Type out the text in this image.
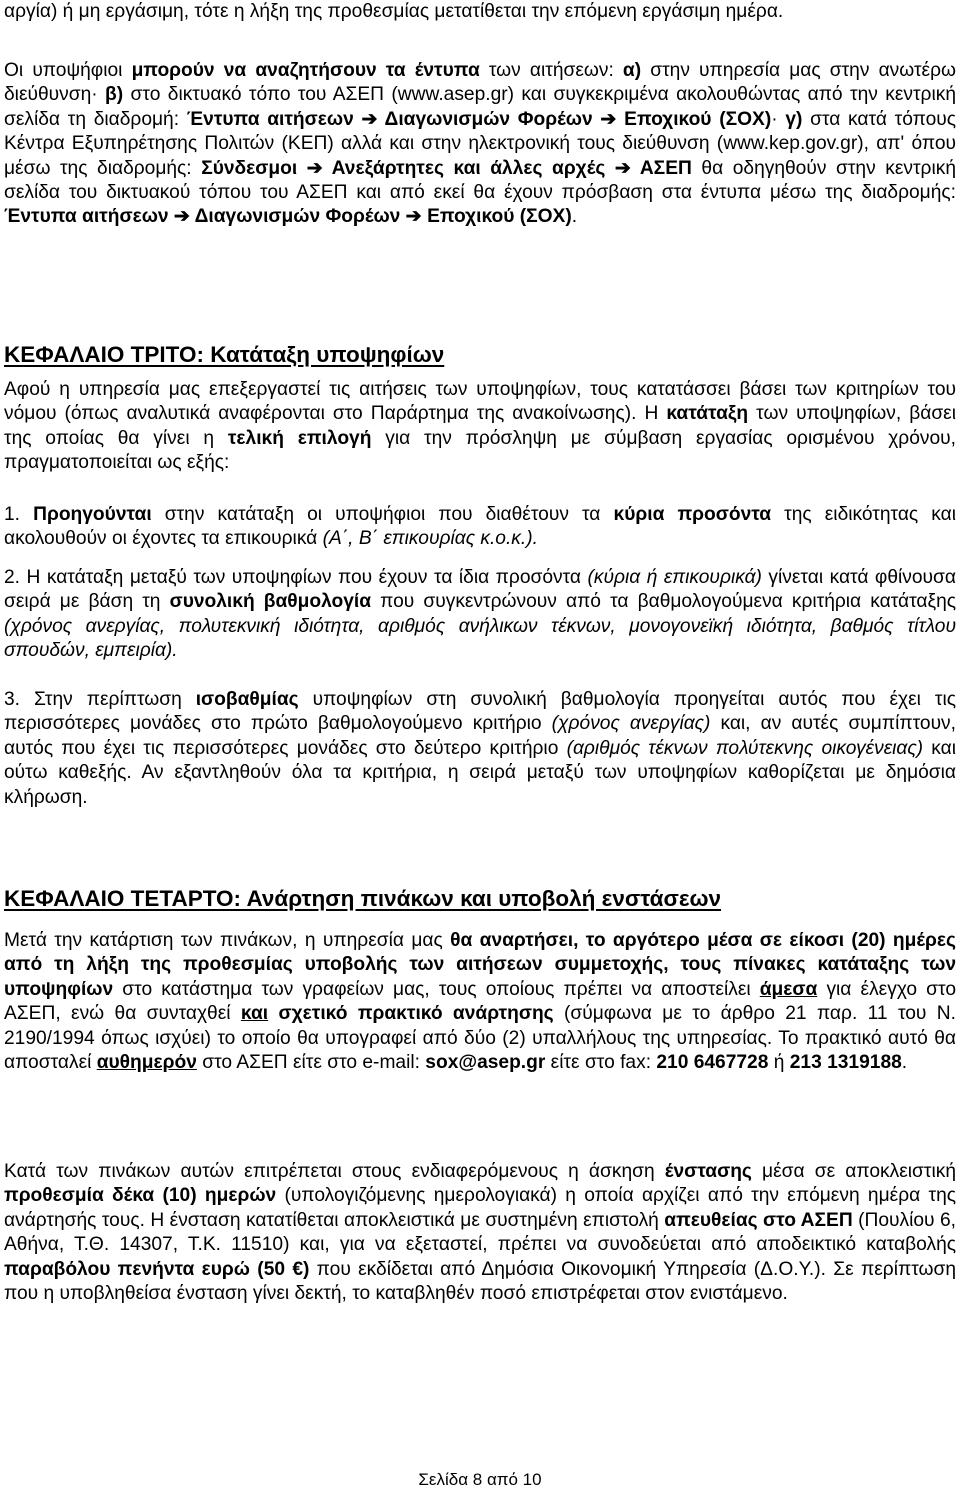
αργία) ή μη εργάσιμη, τότε η λήξη της προθεσμίας μετατίθεται την επόμενη εργάσιμη ημέρα.

Οι υποψήφιοι μπορούν να αναζητήσουν τα έντυπα των αιτήσεων: α) στην υπηρεσία μας στην ανωτέρω διεύθυνση· β) στο δικτυακό τόπο του ΑΣΕΠ (www.asep.gr) και συγκεκριμένα ακολουθώντας από την κεντρική σελίδα τη διαδρομή: Έντυπα αιτήσεων ➔ Διαγωνισμών Φορέων ➔ Εποχικού (ΣΟΧ)· γ) στα κατά τόπους Κέντρα Εξυπηρέτησης Πολιτών (ΚΕΠ) αλλά και στην ηλεκτρονική τους διεύθυνση (www.kep.gov.gr), απ' όπου μέσω της διαδρομής: Σύνδεσμοι ➔ Ανεξάρτητες και άλλες αρχές ➔ ΑΣΕΠ θα οδηγηθούν στην κεντρική σελίδα του δικτυακού τόπου του ΑΣΕΠ και από εκεί θα έχουν πρόσβαση στα έντυπα μέσω της διαδρομής: Έντυπα αιτήσεων ➔ Διαγωνισμών Φορέων ➔ Εποχικού (ΣΟΧ).

ΚΕΦΑΛΑΙΟ ΤΡΙΤΟ: Κατάταξη υποψηφίων

Αφού η υπηρεσία μας επεξεργαστεί τις αιτήσεις των υποψηφίων, τους κατατάσσει βάσει των κριτηρίων του νόμου (όπως αναλυτικά αναφέρονται στο Παράρτημα της ανακοίνωσης). Η κατάταξη των υποψηφίων, βάσει της οποίας θα γίνει η τελική επιλογή για την πρόσληψη με σύμβαση εργασίας ορισμένου χρόνου, πραγματοποιείται ως εξής:

1. Προηγούνται στην κατάταξη οι υποψήφιοι που διαθέτουν τα κύρια προσόντα της ειδικότητας και ακολουθούν οι έχοντες τα επικουρικά (Α΄, Β΄ επικουρίας κ.ο.κ.).

2. Η κατάταξη μεταξύ των υποψηφίων που έχουν τα ίδια προσόντα (κύρια ή επικουρικά) γίνεται κατά φθίνουσα σειρά με βάση τη συνολική βαθμολογία που συγκεντρώνουν από τα βαθμολογούμενα κριτήρια κατάταξης (χρόνος ανεργίας, πολυτεκνική ιδιότητα, αριθμός ανήλικων τέκνων, μονογονεϊκή ιδιότητα, βαθμός τίτλου σπουδών, εμπειρία).

3. Στην περίπτωση ισοβαθμίας υποψηφίων στη συνολική βαθμολογία προηγείται αυτός που έχει τις περισσότερες μονάδες στο πρώτο βαθμολογούμενο κριτήριο (χρόνος ανεργίας) και, αν αυτές συμπίπτουν, αυτός που έχει τις περισσότερες μονάδες στο δεύτερο κριτήριο (αριθμός τέκνων πολύτεκνης οικογένειας) και ούτω καθεξής. Αν εξαντληθούν όλα τα κριτήρια, η σειρά μεταξύ των υποψηφίων καθορίζεται με δημόσια κλήρωση.

ΚΕΦΑΛΑΙΟ ΤΕΤΑΡΤΟ: Ανάρτηση πινάκων και υποβολή ενστάσεων

Μετά την κατάρτιση των πινάκων, η υπηρεσία μας θα αναρτήσει, το αργότερο μέσα σε είκοσι (20) ημέρες από τη λήξη της προθεσμίας υποβολής των αιτήσεων συμμετοχής, τους πίνακες κατάταξης των υποψηφίων στο κατάστημα των γραφείων μας, τους οποίους πρέπει να αποστείλει άμεσα για έλεγχο στο ΑΣΕΠ, ενώ θα συνταχθεί και σχετικό πρακτικό ανάρτησης (σύμφωνα με το άρθρο 21 παρ. 11 του Ν. 2190/1994 όπως ισχύει) το οποίο θα υπογραφεί από δύο (2) υπαλλήλους της υπηρεσίας. Το πρακτικό αυτό θα αποσταλεί αυθημερόν στο ΑΣΕΠ είτε στο e-mail: sox@asep.gr είτε στο fax: 210 6467728 ή 213 1319188.

Κατά των πινάκων αυτών επιτρέπεται στους ενδιαφερόμενους η άσκηση ένστασης μέσα σε αποκλειστική προθεσμία δέκα (10) ημερών (υπολογιζόμενης ημερολογιακά) η οποία αρχίζει από την επόμενη ημέρα της ανάρτησής τους. Η ένσταση κατατίθεται αποκλειστικά με συστημένη επιστολή απευθείας στο ΑΣΕΠ (Πουλίου 6, Αθήνα, Τ.Θ. 14307, Τ.Κ. 11510) και, για να εξεταστεί, πρέπει να συνοδεύεται από αποδεικτικό καταβολής παραβόλου πενήντα ευρώ (50 €) που εκδίδεται από Δημόσια Οικονομική Υπηρεσία (Δ.Ο.Υ.). Σε περίπτωση που η υποβληθείσα ένσταση γίνει δεκτή, το καταβληθέν ποσό επιστρέφεται στον ενιστάμενο.

Σελίδα 8 από 10
